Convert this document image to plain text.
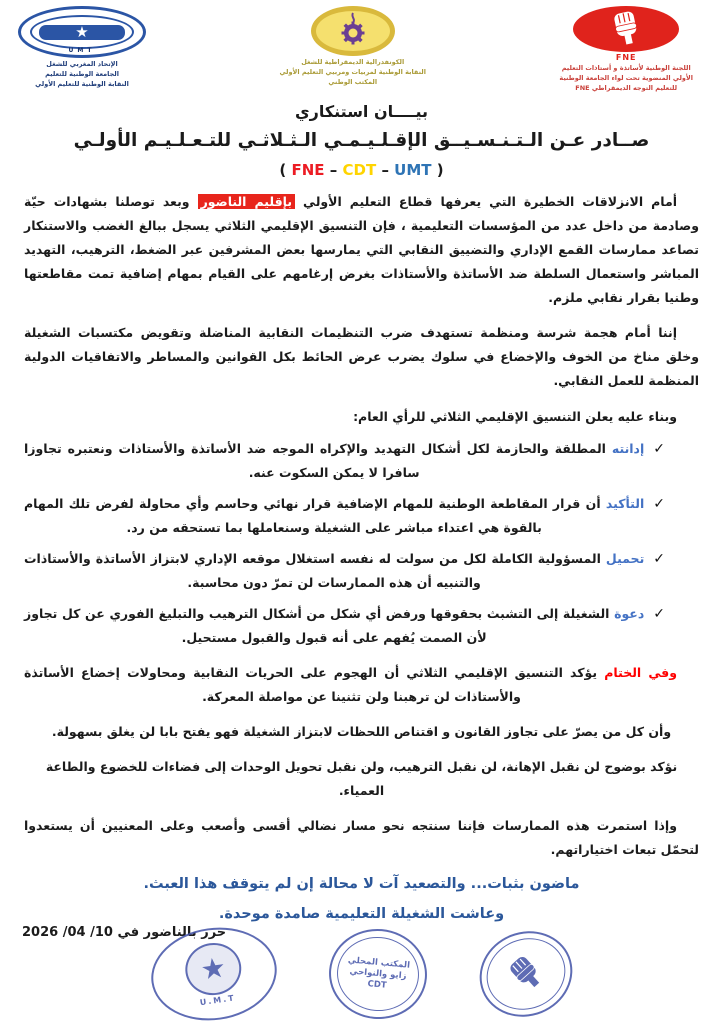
FNE
اللجنة الوطنية لأساتذة و أستاذات التعليم
الأولي المنضوية تحت لواء الجامعة الوطنية
للتعليم التوجه الديمقراطي FNE
الكونفدرالية الديمقراطية للشغل
النقابة الوطنية لمربيات ومربيي التعليم الأولي
المكتب الوطني
★
UMT
الإتحاد المغربي للشغل
الجامعة الوطنية للتعليم
النقابة الوطنية للتعليم الأولي
بيــــان استنكاري
صــادر عـن الـتـنـسـيــق الإقـلـيـمـي الـثـلاثـي للتـعـلـيـم الأولـي
( FNE – CDT – UMT )

أمام الانزلاقات الخطيرة التي يعرفها قطاع التعليم الأولي بإقليم الناضور وبعد توصلنا بشهادات حيّة وصادمة من داخل عدد من المؤسسات التعليمية ، فإن التنسيق الإقليمي الثلاثي يسجل ببالغ الغضب والاستنكار تصاعد ممارسات القمع الإداري والتضييق النقابي التي يمارسها بعض المشرفين عبر الضغط، الترهيب، التهديد المباشر واستعمال السلطة ضد الأساتذة والأستاذات بغرض إرغامهم على القيام بمهام إضافية تمت مقاطعتها وطنيا بقرار نقابي ملزم.

إننا أمام هجمة شرسة ومنظمة تستهدف ضرب التنظيمات النقابية المناضلة وتقويض مكتسبات الشغيلة وخلق مناخ من الخوف والإخضاع في سلوك يضرب عرض الحائط بكل القوانين والمساطر والاتفاقيات الدولية المنظمة للعمل النقابي.

وبناء عليه يعلن التنسيق الإقليمي الثلاثي للرأي العام:

✓
إدانته المطلقة والحازمة لكل أشكال التهديد والإكراه الموجه ضد الأساتذة والأستاذات ونعتبره تجاوزا سافرا لا يمكن السكوت عنه.
✓
التأكيد أن قرار المقاطعة الوطنية للمهام الإضافية قرار نهائي وحاسم وأي محاولة لفرض تلك المهام بالقوة هي اعتداء مباشر على الشغيلة وسنعاملها بما تستحقه من رد.
✓
تحميل المسؤولية الكاملة لكل من سولت له نفسه استغلال موقعه الإداري لابتزاز الأساتذة والأستاذات والتنبيه أن هذه الممارسات لن تمرّ دون محاسبة.
✓
دعوة الشغيلة إلى التشبث بحقوقها ورفض أي شكل من أشكال الترهيب والتبليغ الفوري عن كل تجاوز لأن الصمت يُفهم على أنه قبول والقبول مستحيل.

وفي الختام يؤكد التنسيق الإقليمي الثلاثي أن الهجوم على الحريات النقابية ومحاولات إخضاع الأساتذة والأستاذات لن ترهبنا ولن تثنينا عن مواصلة المعركة.

وأن كل من يصرّ على تجاوز القانون و اقتناص اللحظات لابتزاز الشغيلة فهو يفتح بابا لن يغلق بسهولة.

نؤكد بوضوح لن نقبل الإهانة، لن نقبل الترهيب، ولن نقبل تحويل الوحدات إلى فضاءات للخضوع والطاعة العمياء.

وإذا استمرت هذه الممارسات فإننا سنتجه نحو مسار نضالي أقسى وأصعب وعلى المعنيين أن يستعدوا لتحمّل تبعات اختياراتهم.

ماضون بثبات... والتصعيد آت لا محالة إن لم يتوقف هذا العبث.
وعاشت الشغيلة التعليمية صامدة موحدة.
حرر بالناضور في 10/ 04/ 2026
المكتب المحلي
زايو والنواحي
CDT
★
U.M.T
